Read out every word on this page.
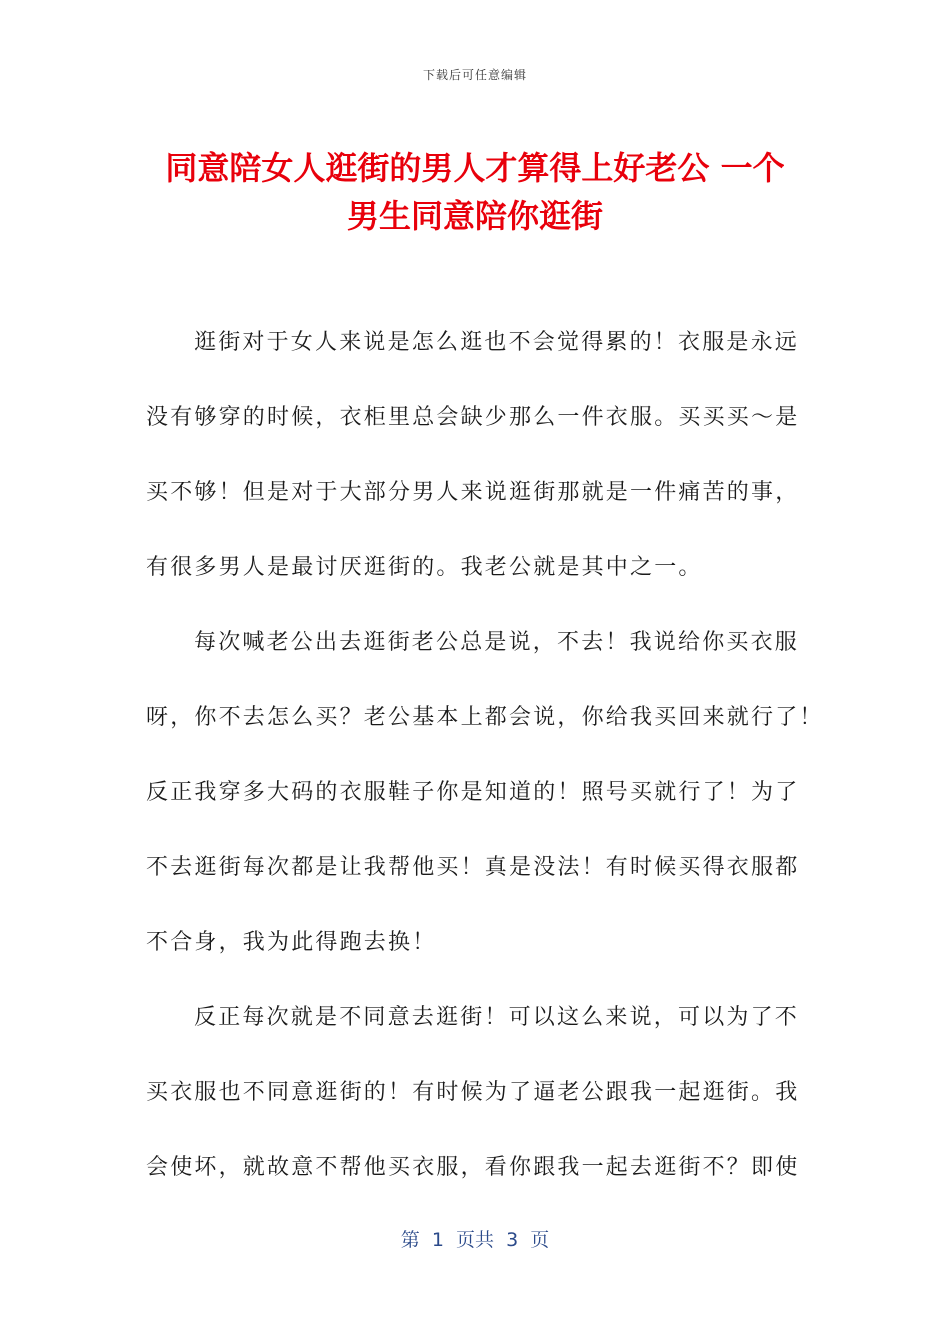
下载后可任意编辑
同意陪女人逛街的男人才算得上好老公 一个
男生同意陪你逛街
逛街对于女人来说是怎么逛也不会觉得累的！衣服是永远
没有够穿的时候，衣柜里总会缺少那么一件衣服。买买买～是
买不够！但是对于大部分男人来说逛街那就是一件痛苦的事，
有很多男人是最讨厌逛街的。我老公就是其中之一。
每次喊老公出去逛街老公总是说，不去！我说给你买衣服
呀，你不去怎么买？老公基本上都会说，你给我买回来就行了！
反正我穿多大码的衣服鞋子你是知道的！照号买就行了！为了
不去逛街每次都是让我帮他买！真是没法！有时候买得衣服都
不合身，我为此得跑去换！
反正每次就是不同意去逛街！可以这么来说，可以为了不
买衣服也不同意逛街的！有时候为了逼老公跟我一起逛街。我
会使坏，就故意不帮他买衣服，看你跟我一起去逛街不？即使
第  1  页共  3  页
